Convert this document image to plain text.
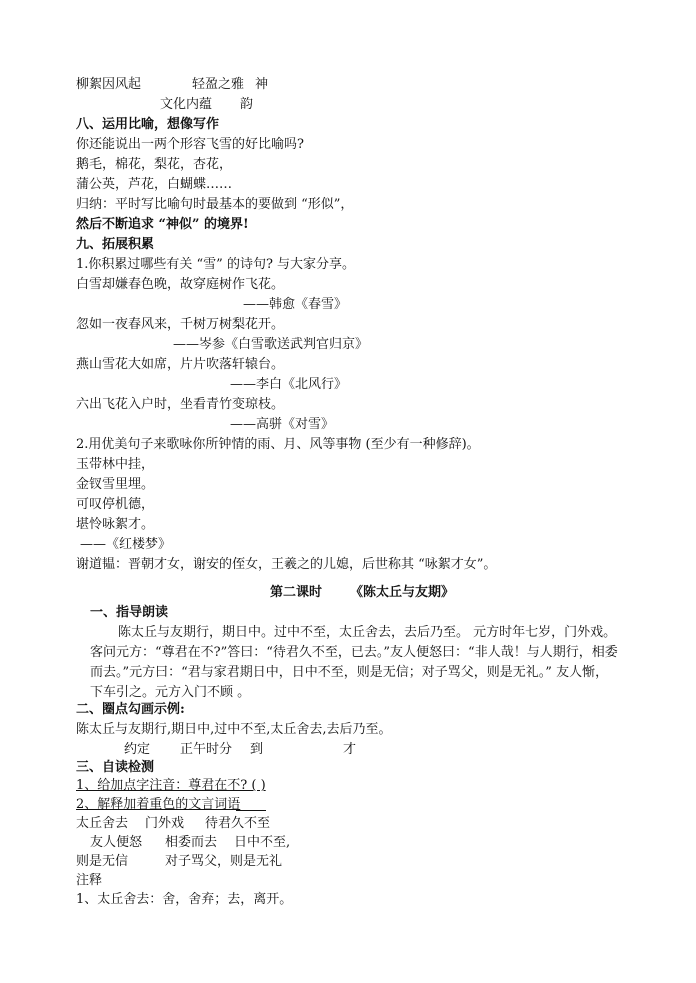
柳絮因风起	轻盈之雅 神
文化内蕴 韵
八、运用比喻，想像写作
你还能说出一两个形容飞雪的好比喻吗?
鹅毛，棉花，梨花，杏花，
蒲公英，芦花，白蝴蝶……
归纳：平时写比喻句时最基本的要做到 “形似”，
然后不断追求 “神似” 的境界!
九、拓展积累
1.你积累过哪些有关 “雪” 的诗句? 与大家分享。
白雪却嫌春色晚，故穿庭树作飞花。
——韩愈《春雪》
忽如一夜春风来，千树万树梨花开。
——岑参《白雪歌送武判官归京》
燕山雪花大如席，片片吹落轩辕台。
——李白《北风行》
六出飞花入户时，坐看青竹变琼枝。
——高骈《对雪》
2.用优美句子来歌咏你所钟情的雨、月、风等事物 (至少有一种修辞)。
玉带林中挂，
金钗雪里埋。
可叹停机德，
堪怜咏絮才。
——《红楼梦》
谢道韫：晋朝才女，谢安的侄女，王羲之的儿媳，后世称其 “咏絮才女”。
第二课时 《陈太丘与友期》
一、指导朗读
陈太丘与友期行，期日中。过中不至，太丘舍去，去后乃至。 元方时年七岁，门外戏。
客问元方：“尊君在不?”答曰：“待君久不至，已去。”友人便怒曰：“非人哉！与人期行，相委
而去。”元方曰：“君与家君期日中，日中不至，则是无信；对子骂父，则是无礼。” 友人惭，
下车引之。元方入门不顾 。
二、圈点勾画示例:
陈太丘与友期行,期日中,过中不至,太丘舍去,去后乃至。
约定 正午时分 到	才
三、自读检测
1、给加点字注音：尊君在不? ( )
2、解释加着重色的文言词语
太丘舍去 门外戏 待君久不至
友人便怒 相委而去 日中不至,
则是无信	对子骂父，则是无礼
注释
1、太丘舍去：舍，舍弃；去，离开。
